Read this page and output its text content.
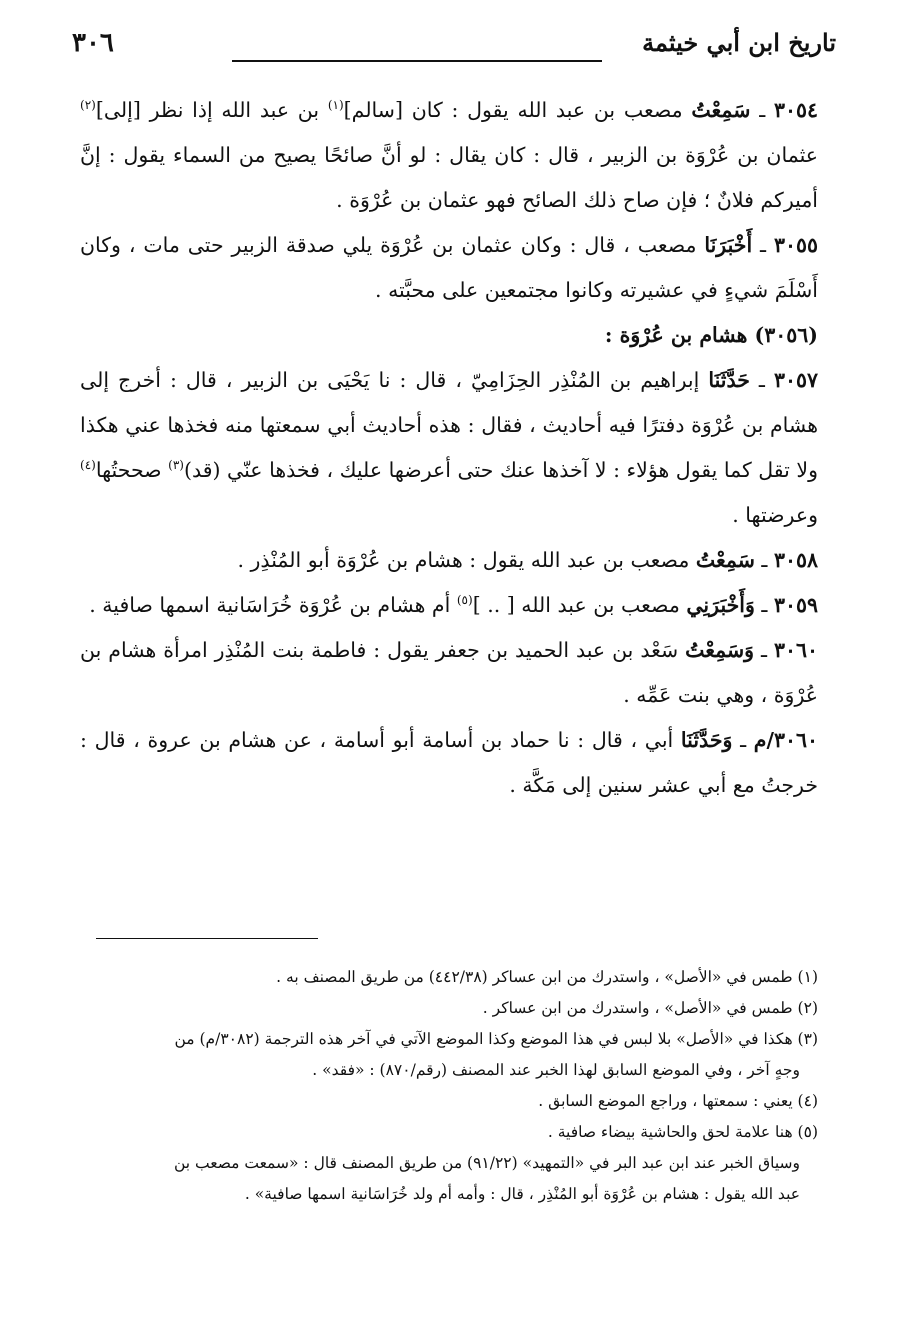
٣٠٦	تاريخ ابن أبي خيثمة

٣٠٥٤ ـ سَمِعْتُ مصعب بن عبد الله يقول : كان [سالم]$^{(١)}$ بن عبد الله إذا نظر [إلى]$^{(٢)}$ عثمان بن عُرْوَة بن الزبير ، قال : كان يقال : لو أنَّ صائحًا يصيح من السماء يقول : إنَّ أميركم فلانٌ ؛ فإن صاح ذلك الصائح فهو عثمان بن عُرْوَة .

٣٠٥٥ ـ أَخْبَرَنَا مصعب ، قال : وكان عثمان بن عُرْوَة يلي صدقة الزبير حتى مات ، وكان أَسْلَمَ شيءٍ في عشيرته وكانوا مجتمعين على محبَّته .

(٣٠٥٦) هشام بن عُرْوَة :

٣٠٥٧ ـ حَدَّثَنَا إبراهيم بن المُنْذِر الحِزَامِيّ ، قال : نا يَحْيَى بن الزبير ، قال : أخرج إلى هشام بن عُرْوَة دفترًا فيه أحاديث ، فقال : هذه أحاديث أبي سمعتها منه فخذها عني هكذا ولا تقل كما يقول هؤلاء : لا آخذها عنك حتى أعرضها عليك ، فخذها عنّي (قد)$^{(٣)}$ صححتُها$^{(٤)}$ وعرضتها .

٣٠٥٨ ـ سَمِعْتُ مصعب بن عبد الله يقول : هشام بن عُرْوَة أبو المُنْذِر .

٣٠٥٩ ـ وَأَخْبَرَنِي مصعب بن عبد الله [ .. ]$^{(٥)}$ أم هشام بن عُرْوَة خُرَاسَانية اسمها صافية .

٣٠٦٠ ـ وَسَمِعْتُ سَعْد بن عبد الحميد بن جعفر يقول : فاطمة بنت المُنْذِر امرأة هشام بن عُرْوَة ، وهي بنت عَمِّه .

٣٠٦٠/م ـ وَحَدَّثَنَا أبي ، قال : نا حماد بن أسامة أبو أسامة ، عن هشام بن عروة ، قال : خرجتُ مع أبي عشر سنين إلى مَكَّة .

(١) طمس في «الأصل» ، واستدرك من ابن عساكر (٤٤٢/٣٨) من طريق المصنف به .

(٢) طمس في «الأصل» ، واستدرك من ابن عساكر .

(٣) هكذا في «الأصل» بلا لبس في هذا الموضع وكذا الموضع الآتي في آخر هذه الترجمة (٣٠٨٢/م) من

وجهٍ آخر ، وفي الموضع السابق لهذا الخبر عند المصنف (رقم/٨٧٠) : «فقد» .

(٤) يعني : سمعتها ، وراجع الموضع السابق .

(٥) هنا علامة لحق والحاشية بيضاء صافية .

وسياق الخبر عند ابن عبد البر في «التمهيد» (٩١/٢٢) من طريق المصنف قال : «سمعت مصعب بن

عبد الله يقول : هشام بن عُرْوَة أبو المُنْذِر ، قال : وأمه أم ولد خُرَاسَانية اسمها صافية» .
